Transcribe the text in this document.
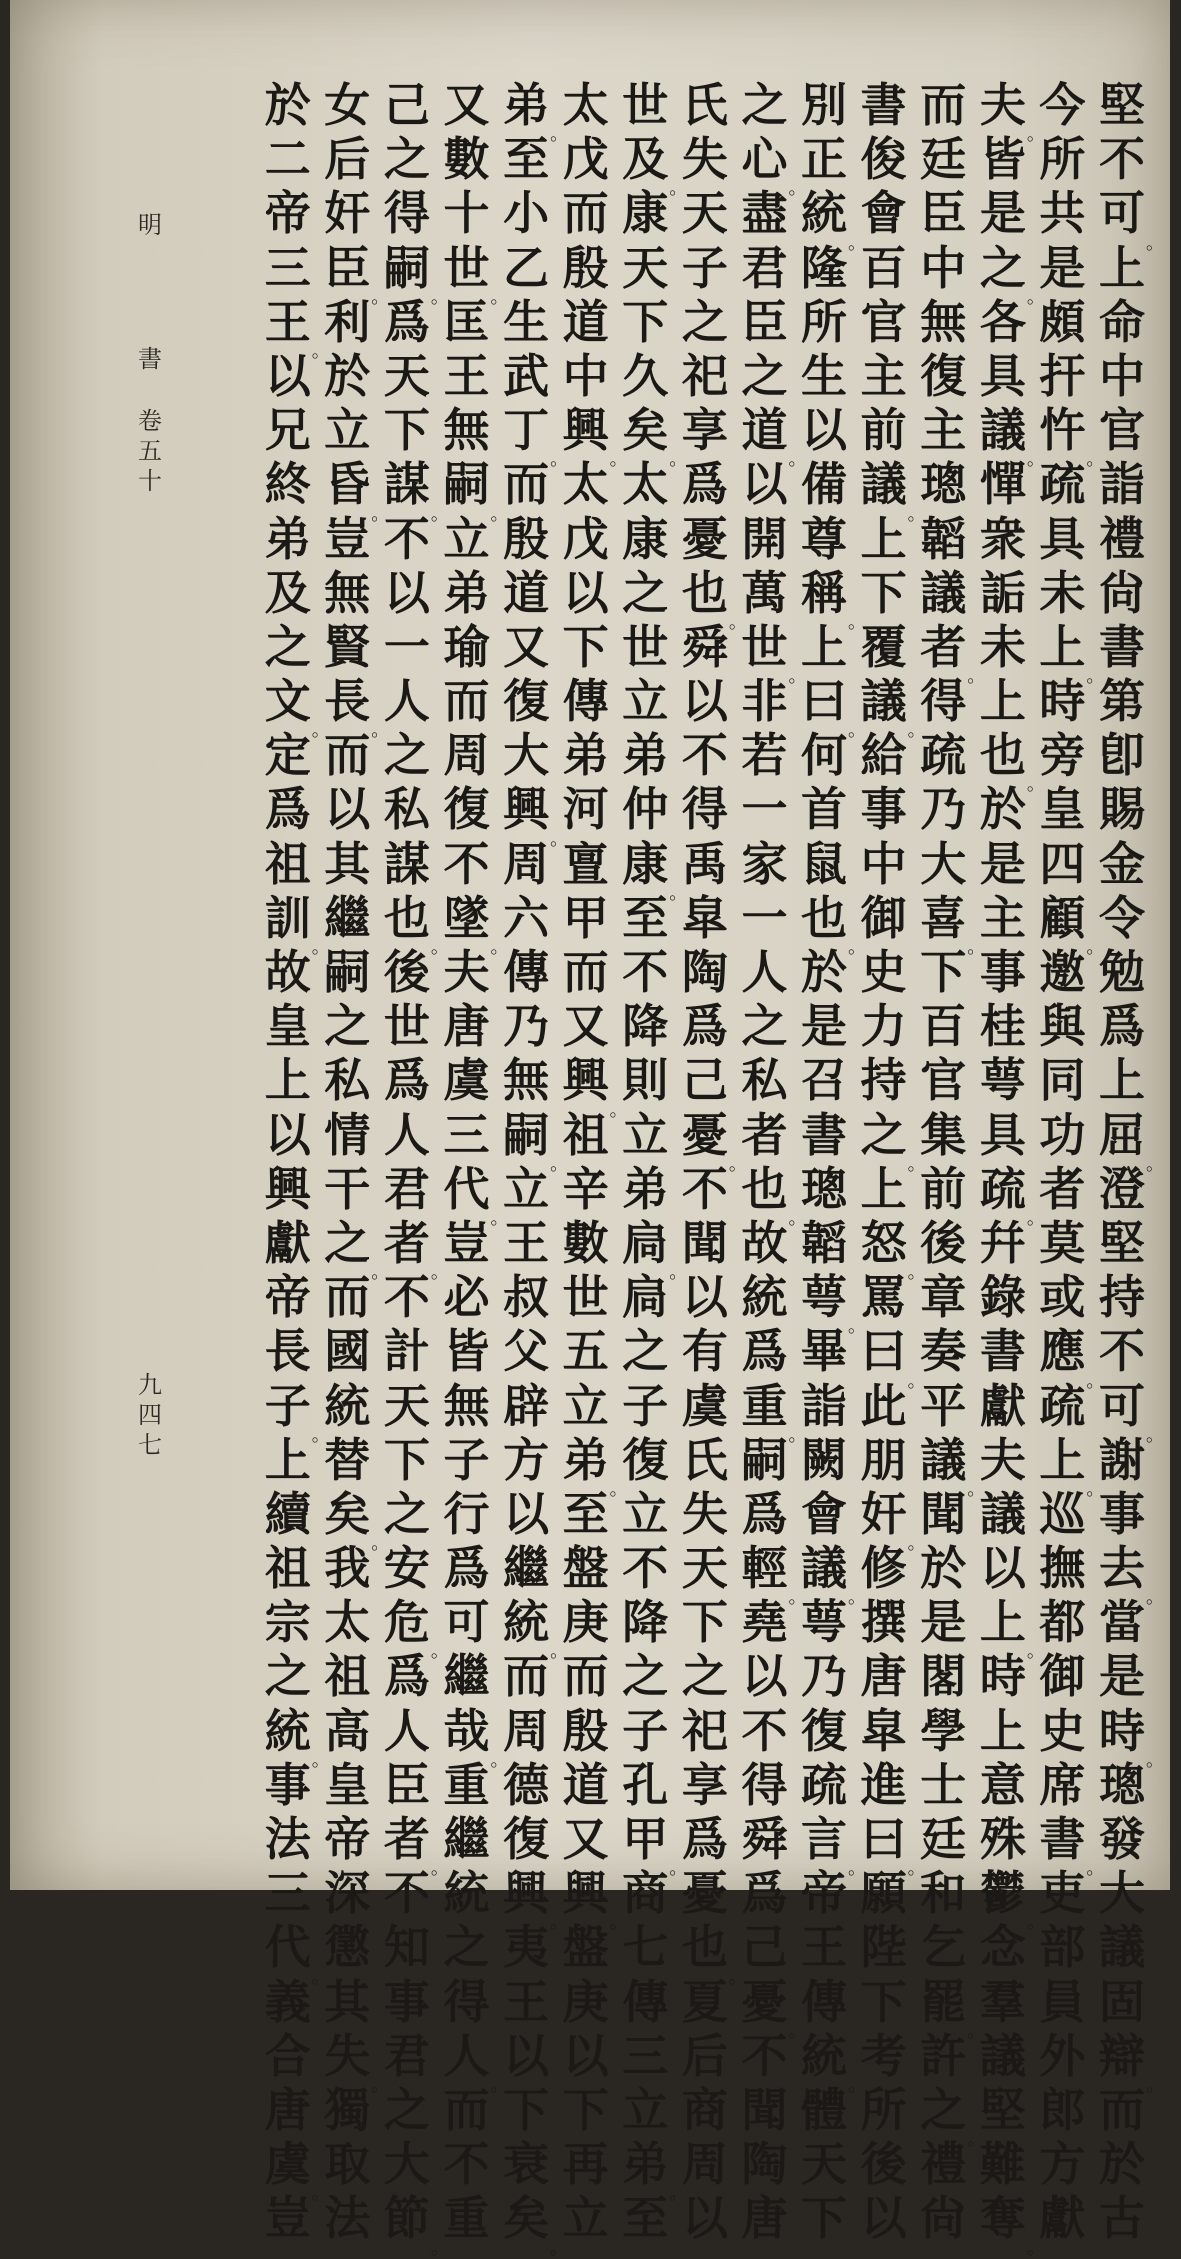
堅
不
可
。
上
命
中
官
詣
禮
尙
書
第
卽
賜
金
令
勉
爲
上
屈
。
澄
堅
持
不
可
。
謝
事
去
。
當
是
時
。
璁
發
大
議
固
辯
。
而
於
古
今
所
共
是
頗
扞
忤
。
疏
具
未
上
。
時
旁
皇
四
顧
。
邀
與
同
功
者
莫
或
應
。
疏
上
。
巡
撫
都
御
史
席
書
。
吏
部
員
外
郎
方
獻
夫
。
皆
是
之
。
各
具
議
。
憚
衆
詬
未
上
也
。
於
是
主
事
桂
萼
具
疏
。
幷
錄
書
獻
夫
議
以
上
。
時
上
意
殊
鬱
。
念
羣
議
堅
難
奪
。
而
廷
臣
中
無
復
主
璁
韜
議
者
。
得
疏
乃
大
喜
。
下
百
官
集
前
後
章
奏
平
議
。
聞
於
是
閣
學
士
廷
和
乞
罷
。
許
之
。
禮
尙
書
俊
會
百
官
主
前
議
。
上
下
覆
議
。
給
事
中
御
史
力
持
之
。
上
怒
。
罵
曰
。
此
朋
奸
。
修
撰
唐
皐
進
曰
。
願
陛
下
考
所
後
以
別
正
統
。
隆
所
生
以
備
尊
稱
。
上
曰
。
何
首
鼠
也
。
於
是
召
書
璁
韜
萼
。
畢
詣
闕
會
議
。
萼
乃
復
疏
言
。
帝
王
傳
統
。
體
天
下
之
心
。
盡
君
臣
之
道
。
以
開
萬
世
。
非
若
一
家
一
人
之
私
者
也
。
故
統
爲
重
。
嗣
爲
輕
。
堯
以
不
得
舜
爲
己
憂
。
不
聞
陶
唐
氏
失
天
子
之
祀
享
爲
憂
也
。
舜
以
不
得
禹
皐
陶
爲
己
憂
。
不
聞
以
有
虞
氏
失
天
下
之
祀
享
爲
憂
也
。
夏
后
商
周
以
世
及
。
康
天
下
久
矣
。
太
康
之
世
立
弟
仲
康
。
至
不
降
則
立
弟
扃
。
扃
之
子
復
立
不
降
之
子
孔
甲
。
商
七
傳
三
立
弟
。
至
太
戊
而
殷
道
中
興
。
太
戊
以
下
傳
弟
河
亶
甲
而
又
興
。
祖
辛
數
世
五
立
弟
。
至
盤
庚
而
殷
道
又
興
。
盤
庚
以
下
再
立
弟
。
至
小
乙
生
武
丁
。
而
殷
道
又
復
大
興
。
周
六
傳
乃
無
嗣
。
立
王
叔
父
辟
方
以
繼
統
。
而
周
德
復
興
。
夷
王
以
下
衰
矣
。
又
數
十
世
。
匡
王
無
嗣
。
立
弟
瑜
而
周
復
不
墜
。
夫
唐
虞
三
代
。
豈
必
皆
無
子
行
爲
可
繼
哉
。
重
繼
統
之
得
人
。
而
不
重
己
之
得
嗣
。
爲
天
下
謀
。
不
以
一
人
之
私
謀
也
。
後
世
爲
人
君
者
。
不
計
天
下
之
安
危
。
爲
人
臣
者
。
不
知
事
君
之
大
節
。
女
后
奸
臣
。
利
於
立
昏
。
豈
無
賢
長
。
而
以
其
繼
嗣
之
私
情
干
之
。
而
國
統
替
矣
。
我
太
祖
高
皇
帝
深
懲
其
失
。
獨
取
法
於
二
帝
三
王
。
以
兄
終
弟
及
之
文
。
定
爲
祖
訓
。
故
皇
上
以
興
獻
帝
長
子
。
上
續
祖
宗
之
統
。
事
法
三
代
。
義
合
唐
虞
。
豈
明
書
卷
五
十
九
四
七
